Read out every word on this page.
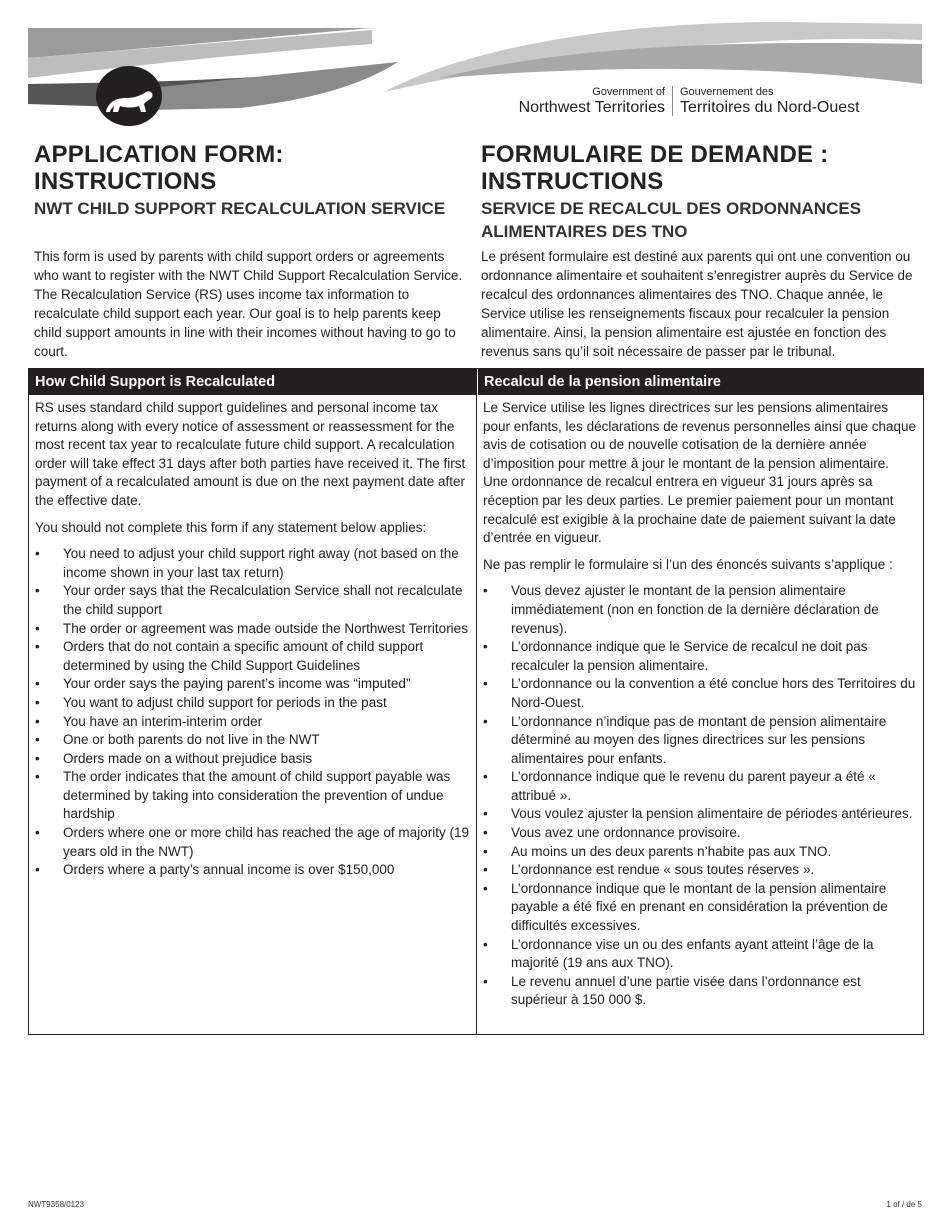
Government of
Northwest Territories
Gouvernement des
Territoires du Nord-Ouest
APPLICATION FORM:
INSTRUCTIONS
NWT CHILD SUPPORT RECALCULATION SERVICE
FORMULAIRE DE DEMANDE :
INSTRUCTIONS
SERVICE DE RECALCUL DES ORDONNANCES ALIMENTAIRES DES TNO

This form is used by parents with child support orders or agreements who want to register with the NWT Child Support Recalculation Service. The Recalculation Service (RS) uses income tax information to recalculate child support each year. Our goal is to help parents keep child support amounts in line with their incomes without having to go to court.

Le présent formulaire est destiné aux parents qui ont une convention ou ordonnance alimentaire et souhaitent s’enregistrer auprès du Service de recalcul des ordonnances alimentaires des TNO. Chaque année, le Service utilise les renseignements fiscaux pour recalculer la pension alimentaire. Ainsi, la pension alimentaire est ajustée en fonction des revenus sans qu’il soit nécessaire de passer par le tribunal.

How Child Support is Recalculated	Recalcul de la pension alimentaire

RS uses standard child support guidelines and personal income tax returns along with every notice of assessment or reassessment for the most recent tax year to recalculate future child support. A recalculation order will take effect 31 days after both parties have received it. The first payment of a recalculated amount is due on the next payment date after the effective date.

You should not complete this form if any statement below applies:

• You need to adjust your child support right away (not based on the income shown in your last tax return)
• Your order says that the Recalculation Service shall not recalculate the child support
• The order or agreement was made outside the Northwest Territories
• Orders that do not contain a specific amount of child support determined by using the Child Support Guidelines
• Your order says the paying parent’s income was “imputed”
• You want to adjust child support for periods in the past
• You have an interim-interim order
• One or both parents do not live in the NWT
• Orders made on a without prejudice basis
• The order indicates that the amount of child support payable was determined by taking into consideration the prevention of undue hardship
• Orders where one or more child has reached the age of majority (19 years old in the NWT)
• Orders where a party’s annual income is over $150,000

Le Service utilise les lignes directrices sur les pensions alimentaires pour enfants, les déclarations de revenus personnelles ainsi que chaque avis de cotisation ou de nouvelle cotisation de la dernière année d’imposition pour mettre à jour le montant de la pension alimentaire. Une ordonnance de recalcul entrera en vigueur 31 jours après sa réception par les deux parties. Le premier paiement pour un montant recalculé est exigible à la prochaine date de paiement suivant la date d’entrée en vigueur.

Ne pas remplir le formulaire si l’un des énoncés suivants s’applique :

• Vous devez ajuster le montant de la pension alimentaire immédiatement (non en fonction de la dernière déclaration de revenus).
• L’ordonnance indique que le Service de recalcul ne doit pas recalculer la pension alimentaire.
• L’ordonnance ou la convention a été conclue hors des Territoires du Nord-Ouest.
• L’ordonnance n’indique pas de montant de pension alimentaire déterminé au moyen des lignes directrices sur les pensions alimentaires pour enfants.
• L’ordonnance indique que le revenu du parent payeur a été « attribué ».
• Vous voulez ajuster la pension alimentaire de périodes antérieures.
• Vous avez une ordonnance provisoire.
• Au moins un des deux parents n’habite pas aux TNO.
• L’ordonnance est rendue « sous toutes réserves ».
• L’ordonnance indique que le montant de la pension alimentaire payable a été fixé en prenant en considération la prévention de difficultés excessives.
• L’ordonnance vise un ou des enfants ayant atteint l’âge de la majorité (19 ans aux TNO).
• Le revenu annuel d’une partie visée dans l’ordonnance est supérieur à 150 000 $.
NWT9358/0123	1 of / de 5
